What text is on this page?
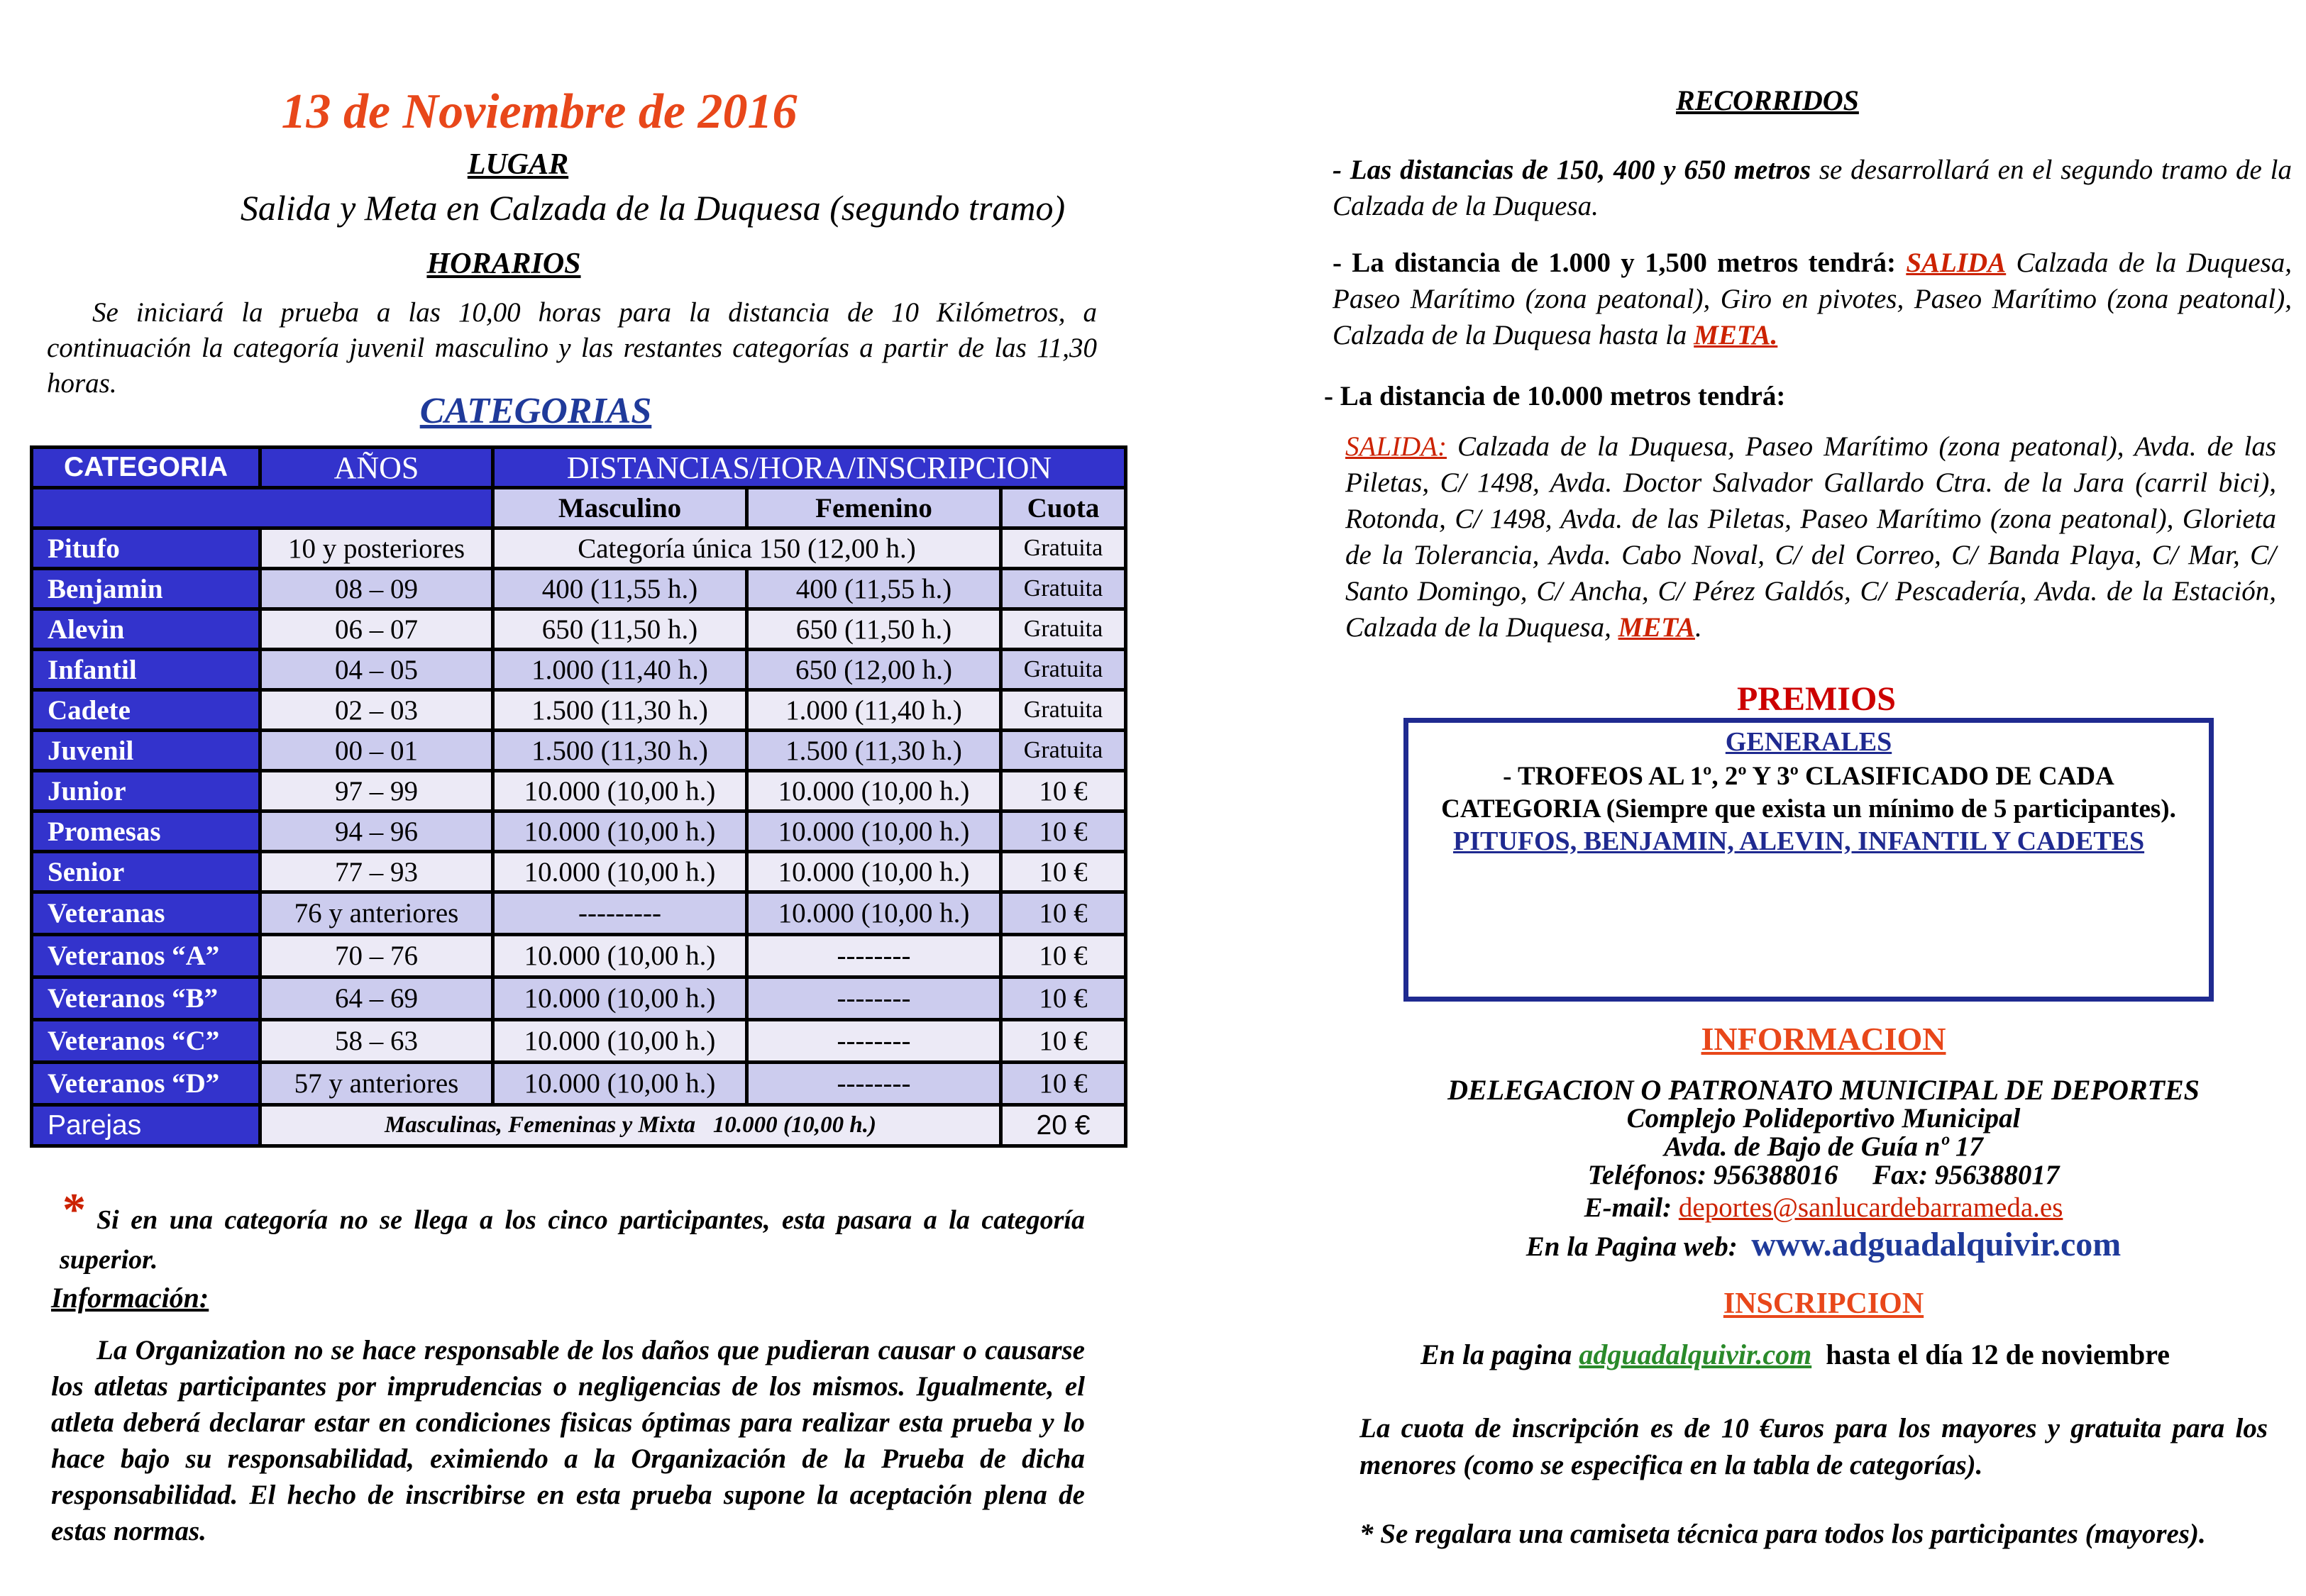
13 de Noviembre de 2016
LUGAR
Salida y Meta en Calzada de la Duquesa (segundo tramo)
HORARIOS
Se iniciará la prueba a las 10,00 horas para la distancia de 10 Kilómetros, a continuación la categoría juvenil masculino y las restantes categorías a partir de las 11,30 horas.
CATEGORIAS
CATEGORIA	AÑOS	DISTANCIAS/HORA/INSCRIPCION		
		Masculino	Femenino	Cuota
Pitufo	10 y posteriores	Categoría única 150 (12,00 h.)		Gratuita
Benjamin	08 – 09	400 (11,55 h.)	400 (11,55 h.)	Gratuita
Alevin	06 – 07	650 (11,50 h.)	650 (11,50 h.)	Gratuita
Infantil	04 – 05	1.000 (11,40 h.)	650 (12,00 h.)	Gratuita
Cadete	02 – 03	1.500 (11,30 h.)	1.000 (11,40 h.)	Gratuita
Juvenil	00 – 01	1.500 (11,30 h.)	1.500 (11,30 h.)	Gratuita
Junior	97 – 99	10.000 (10,00 h.)	10.000 (10,00 h.)	10 €
Promesas	94 – 96	10.000 (10,00 h.)	10.000 (10,00 h.)	10 €
Senior	77 – 93	10.000 (10,00 h.)	10.000 (10,00 h.)	10 €
Veteranas	76 y anteriores	---------	10.000 (10,00 h.)	10 €
Veteranos “A”	70 – 76	10.000 (10,00 h.)	--------	10 €
Veteranos “B”	64 – 69	10.000 (10,00 h.)	--------	10 €
Veteranos “C”	58 – 63	10.000 (10,00 h.)	--------	10 €
Veteranos “D”	57 y anteriores	10.000 (10,00 h.)	--------	10 €
Parejas	Masculinas, Femeninas y Mixta   10.000 (10,00 h.)			20 €
* Si en una categoría no se llega a los cinco participantes, esta pasara a la categoría superior.
Información:
La Organization no se hace responsable de los daños que pudieran causar o causarse los atletas participantes por imprudencias o negligencias de los mismos. Igualmente, el atleta deberá declarar estar en condiciones fisicas óptimas para realizar esta prueba y lo hace bajo su responsabilidad, eximiendo a la Organización de la Prueba de dicha responsabilidad. El hecho de inscribirse en esta prueba supone la aceptación plena de estas normas.
RECORRIDOS
- Las distancias de 150, 400 y 650 metros se desarrollará en el segundo tramo de la Calzada de la Duquesa.
- La distancia de 1.000 y 1,500 metros tendrá: SALIDA Calzada de la Duquesa, Paseo Marítimo (zona peatonal), Giro en pivotes, Paseo Marítimo (zona peatonal), Calzada de la Duquesa hasta la META.
- La distancia de 10.000 metros tendrá:
SALIDA: Calzada de la Duquesa, Paseo Marítimo (zona peatonal), Avda. de las Piletas, C/ 1498, Avda. Doctor Salvador Gallardo Ctra. de la Jara (carril bici), Rotonda, C/ 1498, Avda. de las Piletas, Paseo Marítimo (zona peatonal), Glorieta de la Tolerancia, Avda. Cabo Noval, C/ del Correo, C/ Banda Playa, C/ Mar, C/ Santo Domingo, C/ Ancha, C/ Pérez Galdós, C/ Pescadería, Avda. de la Estación, Calzada de la Duquesa, META.
PREMIOS
GENERALES
- TROFEOS AL 1º, 2º Y 3º CLASIFICADO DE CADA
CATEGORIA (Siempre que exista un mínimo de 5 participantes).
PITUFOS, BENJAMIN, ALEVIN, INFANTIL Y CADETES
INFORMACION
DELEGACION O PATRONATO MUNICIPAL DE DEPORTES
Complejo Polideportivo Municipal
Avda. de Bajo de Guía nº 17
Teléfonos: 956388016     Fax: 956388017
E-mail: deportes@sanlucardebarrameda.es
En la Pagina web: www.adguadalquivir.com
INSCRIPCION
En la pagina adguadalquivir.com hasta el día 12 de noviembre
La cuota de inscripción es de 10 €uros para los mayores y gratuita para los menores (como se especifica en la tabla de categorías).
* Se regalara una camiseta técnica para todos los participantes (mayores).
